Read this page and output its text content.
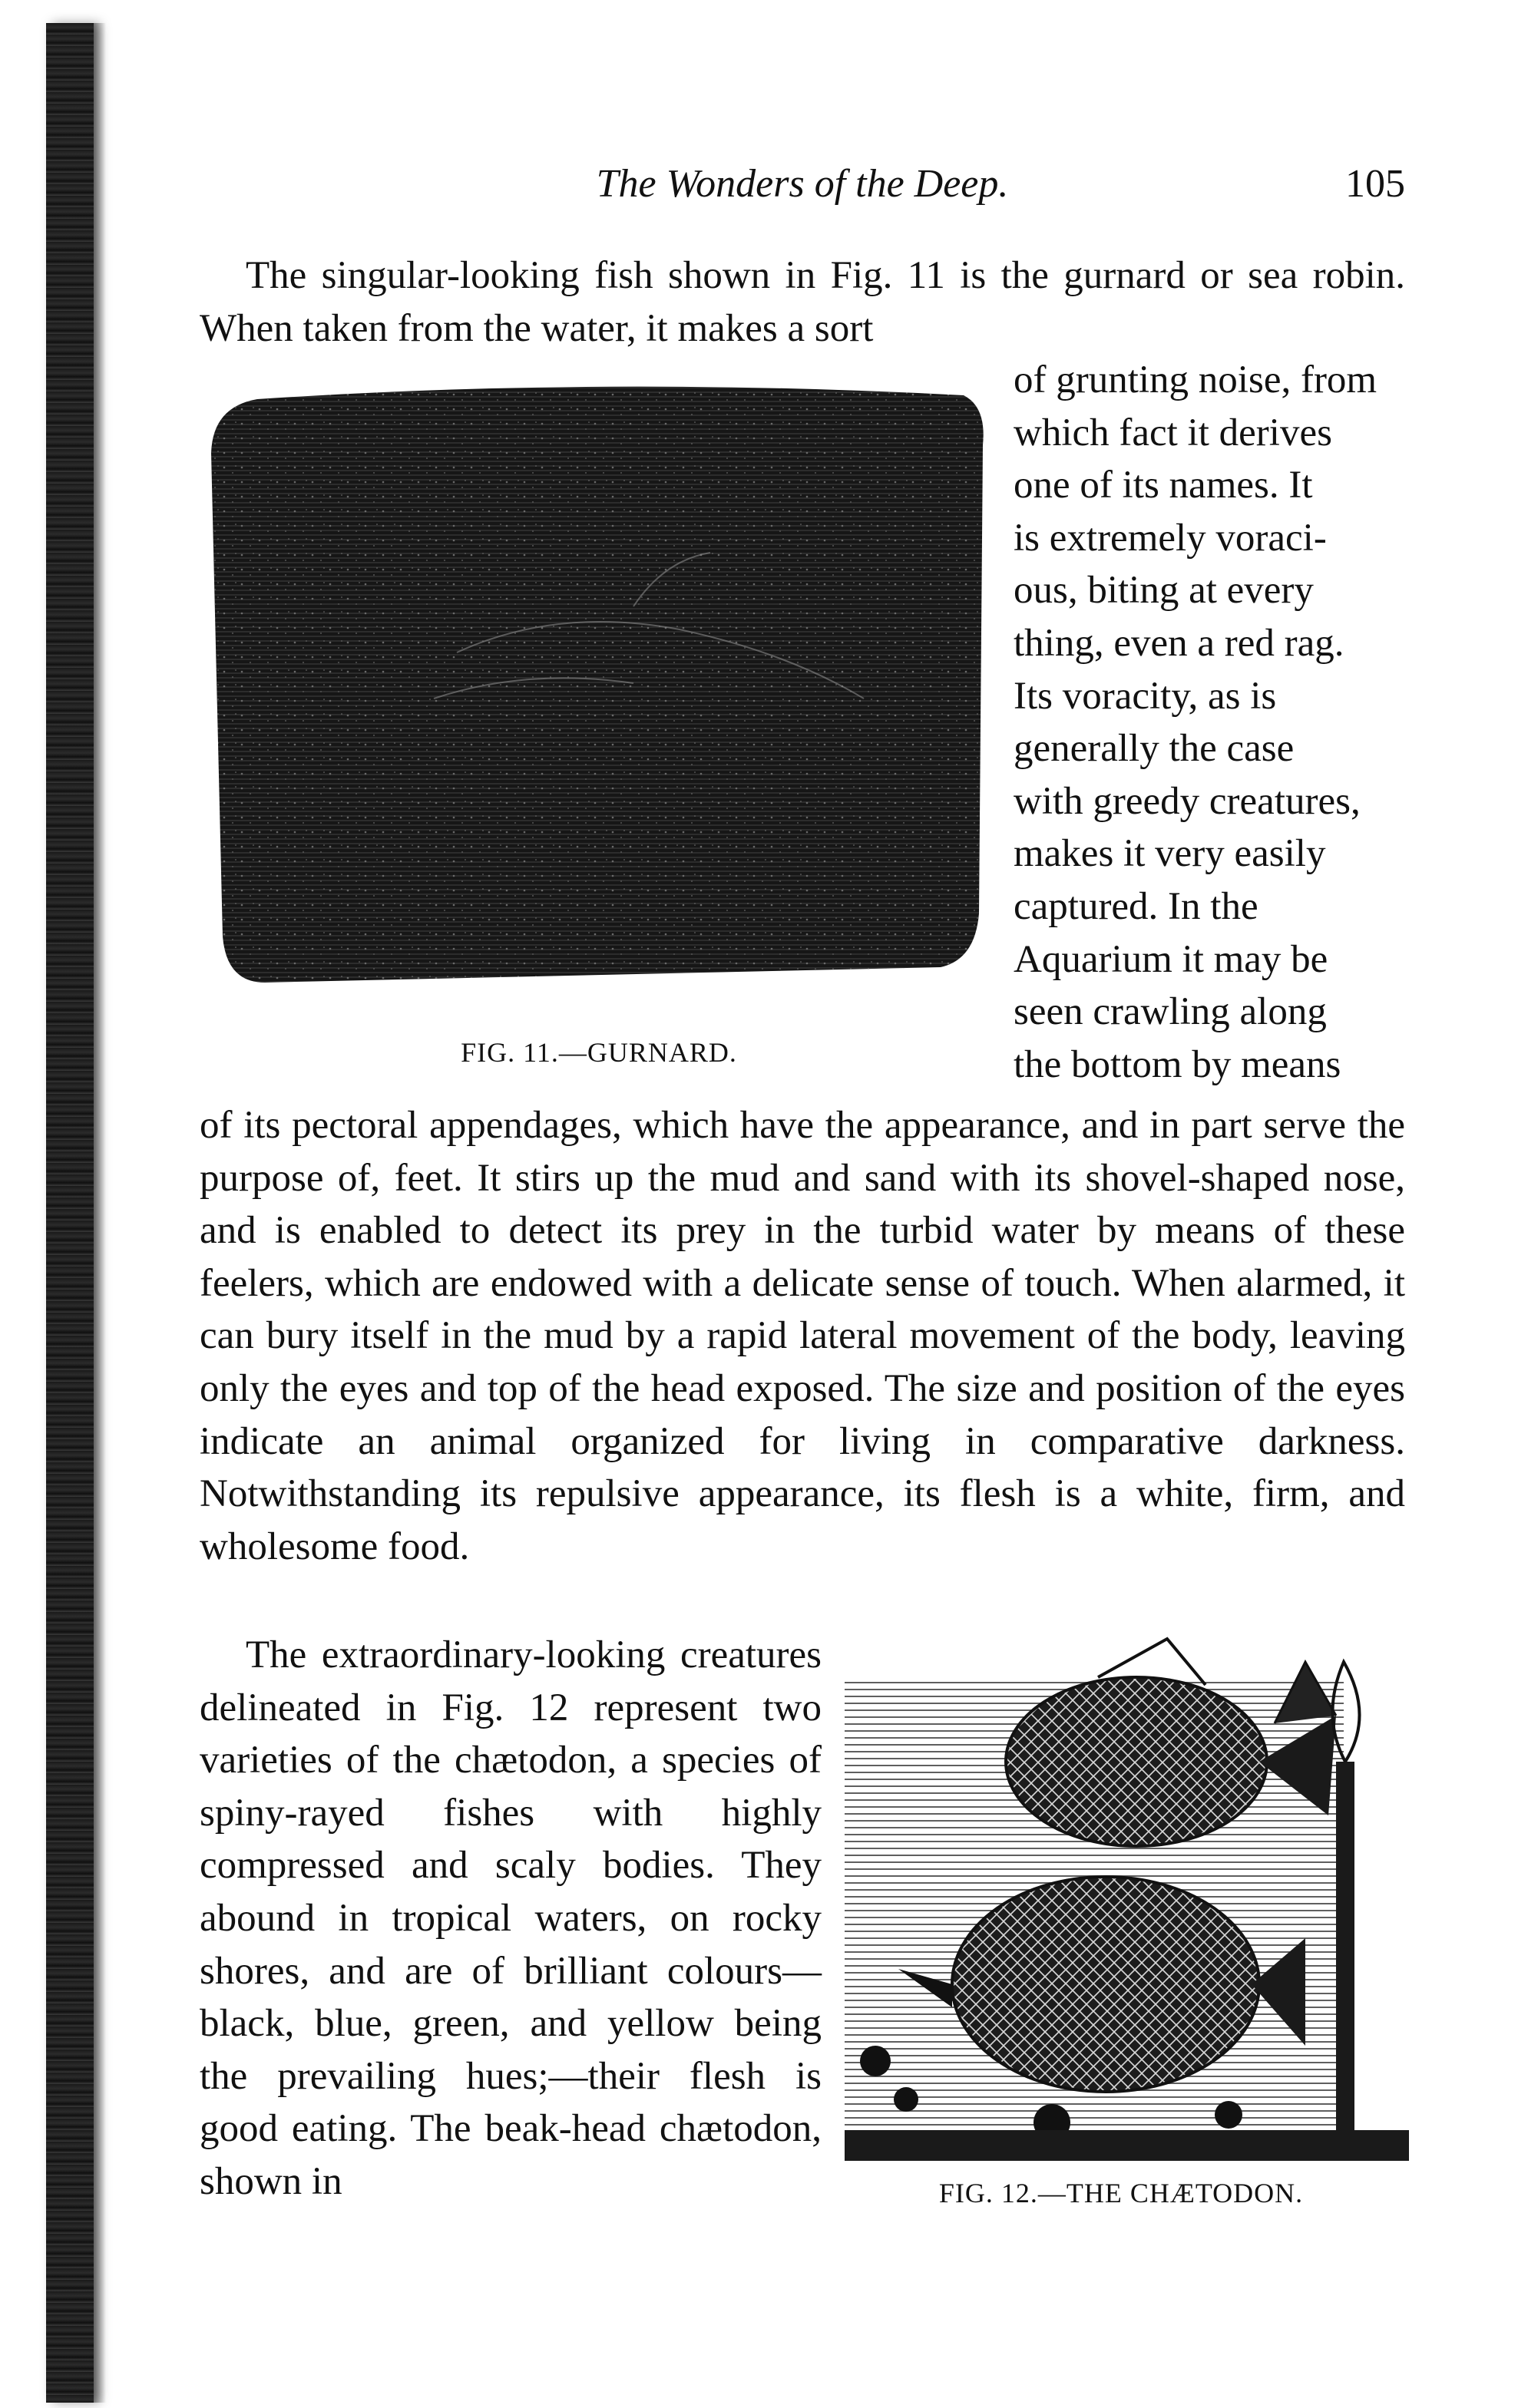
The Wonders of the Deep.	105

The singular-looking fish shown in Fig. 11 is the gurnard or sea robin. When taken from the water, it makes a sort

FIG. 11.—GURNARD.

of grunting noise, from

which fact it derives

one of its names. It

is extremely voraci-

ous, biting at every

thing, even a red rag.

Its voracity, as is

generally the case

with greedy creatures,

makes it very easily

captured. In the

Aquarium it may be

seen crawling along

the bottom by means

of its pectoral appendages, which have the appearance, and in part serve the purpose of, feet. It stirs up the mud and sand with its shovel-shaped nose, and is enabled to detect its prey in the turbid water by means of these feelers, which are endowed with a delicate sense of touch. When alarmed, it can bury itself in the mud by a rapid lateral movement of the body, leaving only the eyes and top of the head exposed. The size and position of the eyes indicate an animal organized for living in comparative darkness. Notwithstanding its repulsive appearance, its flesh is a white, firm, and wholesome food.

The extraordinary-looking creatures delineated in Fig. 12 represent two varieties of the chætodon, a species of spiny-rayed fishes with highly compressed and scaly bodies. They abound in tropical waters, on rocky shores, and are of brilliant colours—black, blue, green, and yellow being the prevailing hues;—their flesh is good eating. The beak-head chætodon, shown in	FIG. 12.—THE CHÆTODON.
